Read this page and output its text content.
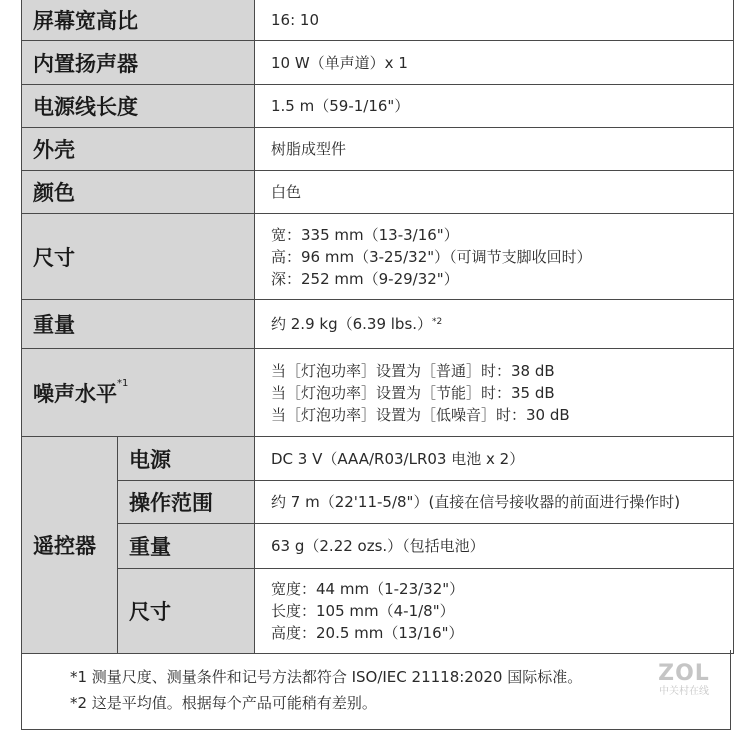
屏幕宽高比		16: 10
内置扬声器		10 W（单声道）x 1
电源线长度		1.5 m（59-1/16"）
外壳		树脂成型件
颜色		白色
尺寸		宽：335 mm（13-3/16"）
高：96 mm（3-25/32"）（可调节支脚收回时）
深：252 mm（9-29/32"）

重量		约 2.9 kg（6.39 lbs.）$^{*2}$
噪声水平$^{*1}$		当［灯泡功率］设置为［普通］时：38 dB
当［灯泡功率］设置为［节能］时：35 dB
当［灯泡功率］设置为［低噪音］时：30 dB

遥控器	电源	DC 3 V（AAA/R03/LR03 电池 x 2）
	操作范围	约 7 m（22'11-5/8"）(直接在信号接收器的前面进行操作时)
	重量	63 g（2.22 ozs.）（包括电池）
	尺寸	宽度：44 mm（1-23/32"）
长度：105 mm（4-1/8"）
高度：20.5 mm（13/16"）
*1 测量尺度、测量条件和记号方法都符合 ISO/IEC 21118:2020 国际标准。
*2 这是平均值。根据每个产品可能稍有差别。
ZOL
中关村在线
